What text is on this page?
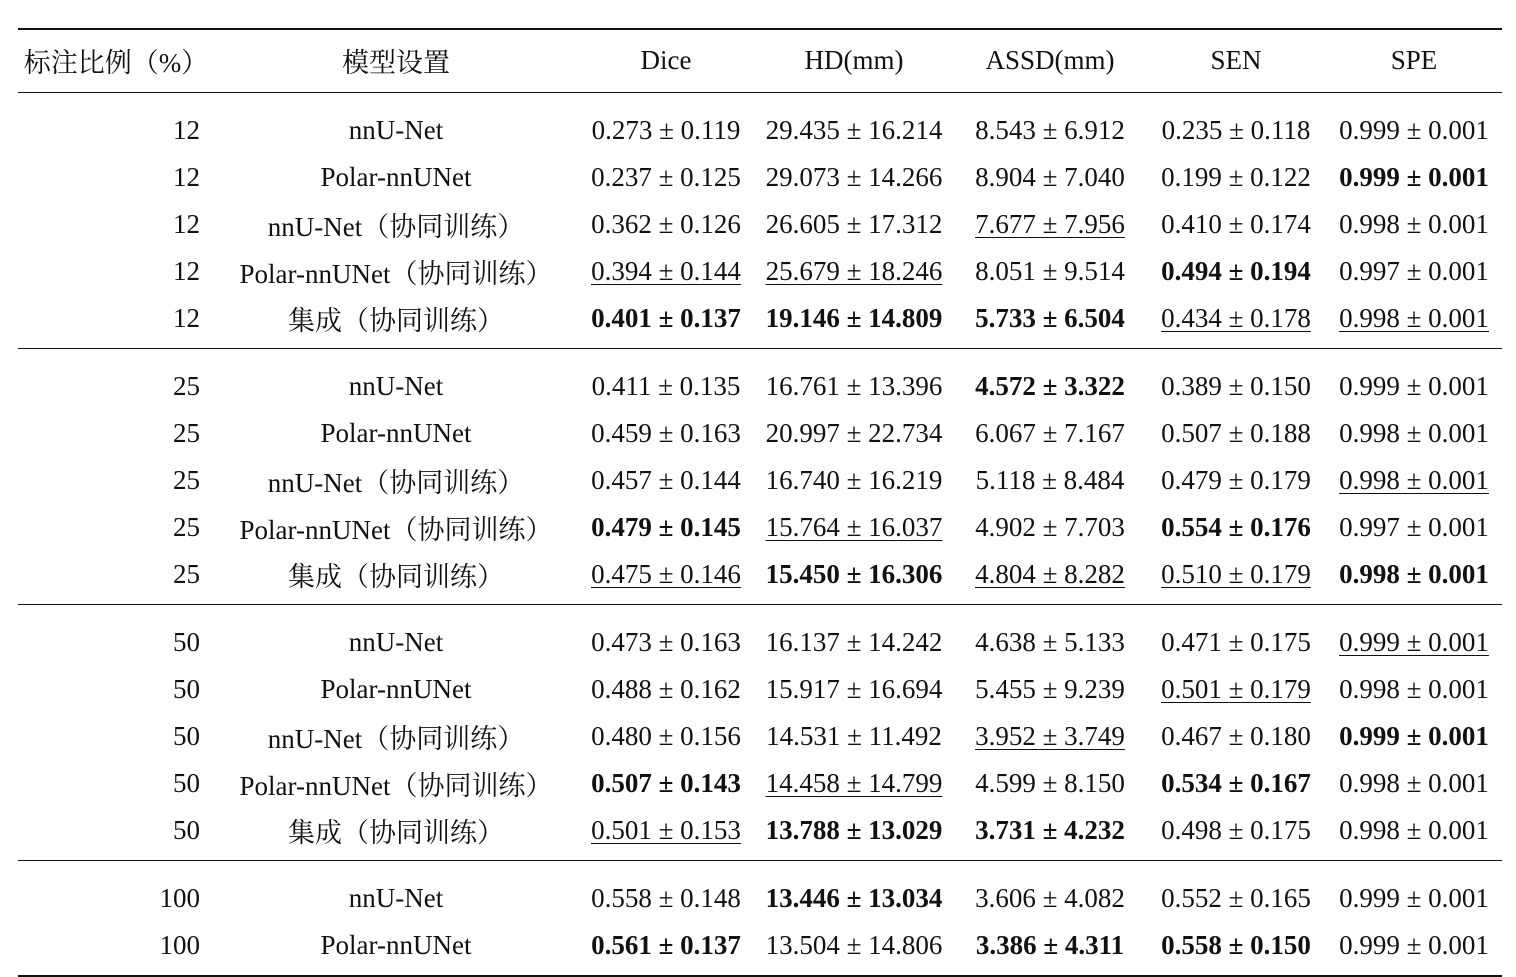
标注比例（%）	模型设置	Dice	HD(mm)	ASSD(mm)	SEN	SPE
12	nnU-Net	0.273 ± 0.119	29.435 ± 16.214	8.543 ± 6.912	0.235 ± 0.118	0.999 ± 0.001
12	Polar-nnUNet	0.237 ± 0.125	29.073 ± 14.266	8.904 ± 7.040	0.199 ± 0.122	0.999 ± 0.001
12	nnU-Net（协同训练）	0.362 ± 0.126	26.605 ± 17.312	7.677 ± 7.956	0.410 ± 0.174	0.998 ± 0.001
12	Polar-nnUNet（协同训练）	0.394 ± 0.144	25.679 ± 18.246	8.051 ± 9.514	0.494 ± 0.194	0.997 ± 0.001
12	集成（协同训练）	0.401 ± 0.137	19.146 ± 14.809	5.733 ± 6.504	0.434 ± 0.178	0.998 ± 0.001
25	nnU-Net	0.411 ± 0.135	16.761 ± 13.396	4.572 ± 3.322	0.389 ± 0.150	0.999 ± 0.001
25	Polar-nnUNet	0.459 ± 0.163	20.997 ± 22.734	6.067 ± 7.167	0.507 ± 0.188	0.998 ± 0.001
25	nnU-Net（协同训练）	0.457 ± 0.144	16.740 ± 16.219	5.118 ± 8.484	0.479 ± 0.179	0.998 ± 0.001
25	Polar-nnUNet（协同训练）	0.479 ± 0.145	15.764 ± 16.037	4.902 ± 7.703	0.554 ± 0.176	0.997 ± 0.001
25	集成（协同训练）	0.475 ± 0.146	15.450 ± 16.306	4.804 ± 8.282	0.510 ± 0.179	0.998 ± 0.001
50	nnU-Net	0.473 ± 0.163	16.137 ± 14.242	4.638 ± 5.133	0.471 ± 0.175	0.999 ± 0.001
50	Polar-nnUNet	0.488 ± 0.162	15.917 ± 16.694	5.455 ± 9.239	0.501 ± 0.179	0.998 ± 0.001
50	nnU-Net（协同训练）	0.480 ± 0.156	14.531 ± 11.492	3.952 ± 3.749	0.467 ± 0.180	0.999 ± 0.001
50	Polar-nnUNet（协同训练）	0.507 ± 0.143	14.458 ± 14.799	4.599 ± 8.150	0.534 ± 0.167	0.998 ± 0.001
50	集成（协同训练）	0.501 ± 0.153	13.788 ± 13.029	3.731 ± 4.232	0.498 ± 0.175	0.998 ± 0.001
100	nnU-Net	0.558 ± 0.148	13.446 ± 13.034	3.606 ± 4.082	0.552 ± 0.165	0.999 ± 0.001
100	Polar-nnUNet	0.561 ± 0.137	13.504 ± 14.806	3.386 ± 4.311	0.558 ± 0.150	0.999 ± 0.001
